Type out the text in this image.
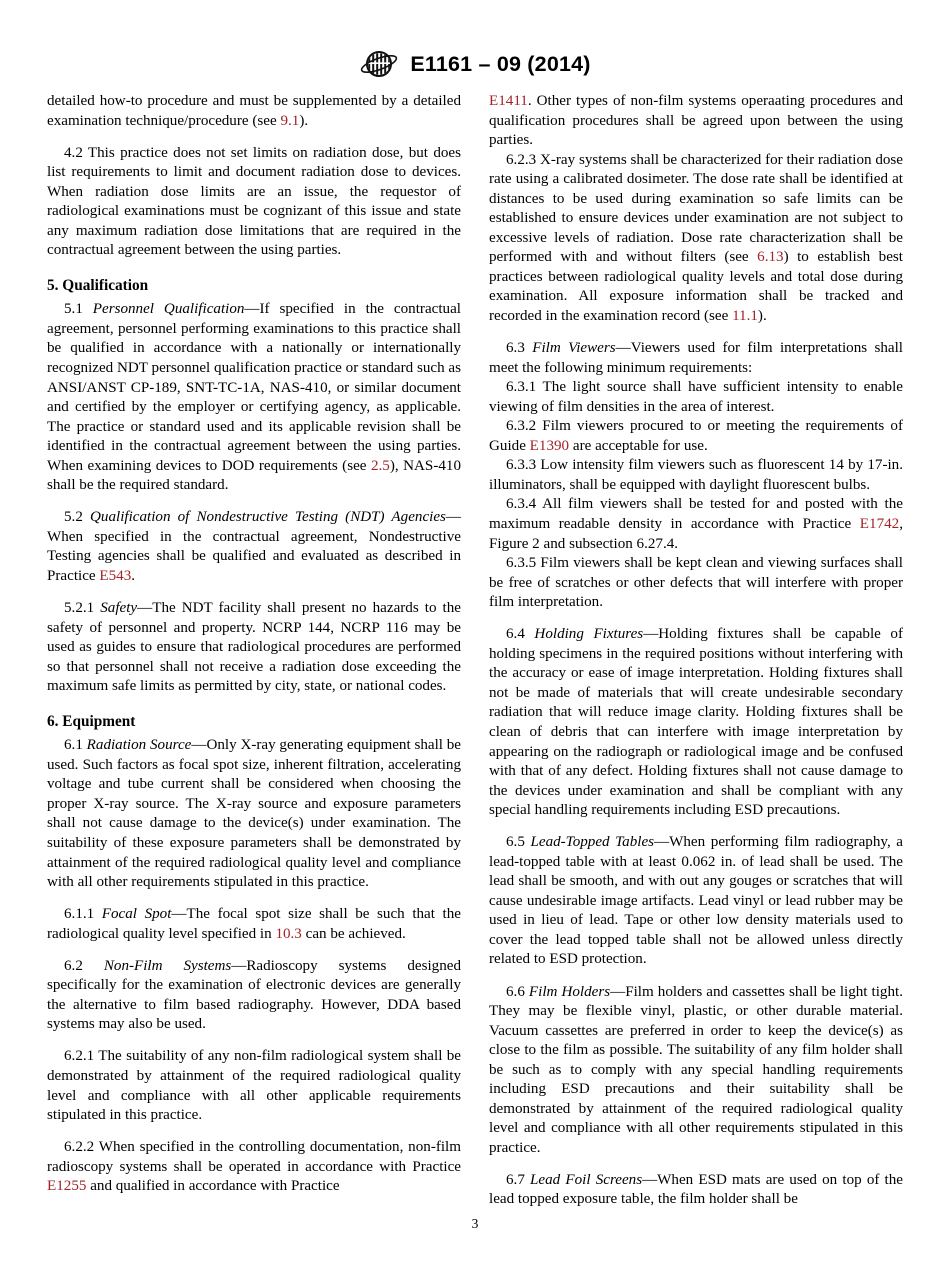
E1161 – 09 (2014)

detailed how-to procedure and must be supplemented by a detailed examination technique/procedure (see 9.1).

4.2 This practice does not set limits on radiation dose, but does list requirements to limit and document radiation dose to devices. When radiation dose limits are an issue, the requestor of radiological examinations must be cognizant of this issue and state any maximum radiation dose limitations that are required in the contractual agreement between the using parties.

5. Qualification

5.1 Personnel Qualification—If specified in the contractual agreement, personnel performing examinations to this practice shall be qualified in accordance with a nationally or internationally recognized NDT personnel qualification practice or standard such as ANSI/ANST CP-189, SNT-TC-1A, NAS-410, or similar document and certified by the employer or certifying agency, as applicable. The practice or standard used and its applicable revision shall be identified in the contractual agreement between the using parties. When examining devices to DOD requirements (see 2.5), NAS-410 shall be the required standard.

5.2 Qualification of Nondestructive Testing (NDT) Agencies—When specified in the contractual agreement, Nondestructive Testing agencies shall be qualified and evaluated as described in Practice E543.

5.2.1 Safety—The NDT facility shall present no hazards to the safety of personnel and property. NCRP 144, NCRP 116 may be used as guides to ensure that radiological procedures are performed so that personnel shall not receive a radiation dose exceeding the maximum safe limits as permitted by city, state, or national codes.

6. Equipment

6.1 Radiation Source—Only X-ray generating equipment shall be used. Such factors as focal spot size, inherent filtration, accelerating voltage and tube current shall be considered when choosing the proper X-ray source. The X-ray source and exposure parameters shall not cause damage to the device(s) under examination. The suitability of these exposure parameters shall be demonstrated by attainment of the required radiological quality level and compliance with all other requirements stipulated in this practice.

6.1.1 Focal Spot—The focal spot size shall be such that the radiological quality level specified in 10.3 can be achieved.

6.2 Non-Film Systems—Radioscopy systems designed specifically for the examination of electronic devices are generally the alternative to film based radiography. However, DDA based systems may also be used.

6.2.1 The suitability of any non-film radiological system shall be demonstrated by attainment of the required radiological quality level and compliance with all other applicable requirements stipulated in this practice.

6.2.2 When specified in the controlling documentation, non-film radioscopy systems shall be operated in accordance with Practice E1255 and qualified in accordance with Practice

E1411. Other types of non-film systems operaating procedures and qualification procedures shall be agreed upon between the using parties.

6.2.3 X-ray systems shall be characterized for their radiation dose rate using a calibrated dosimeter. The dose rate shall be identified at distances to be used during examination so safe limits can be established to ensure devices under examination are not subject to excessive levels of radiation. Dose rate characterization shall be performed with and without filters (see 6.13) to establish best practices between radiological quality levels and total dose during examination. All exposure information shall be tracked and recorded in the examination record (see 11.1).

6.3 Film Viewers—Viewers used for film interpretations shall meet the following minimum requirements:

6.3.1 The light source shall have sufficient intensity to enable viewing of film densities in the area of interest.

6.3.2 Film viewers procured to or meeting the requirements of Guide E1390 are acceptable for use.

6.3.3 Low intensity film viewers such as fluorescent 14 by 17-in. illuminators, shall be equipped with daylight fluorescent bulbs.

6.3.4 All film viewers shall be tested for and posted with the maximum readable density in accordance with Practice E1742, Figure 2 and subsection 6.27.4.

6.3.5 Film viewers shall be kept clean and viewing surfaces shall be free of scratches or other defects that will interfere with proper film interpretation.

6.4 Holding Fixtures—Holding fixtures shall be capable of holding specimens in the required positions without interfering with the accuracy or ease of image interpretation. Holding fixtures shall not be made of materials that will create undesirable secondary radiation that will reduce image clarity. Holding fixtures shall be clean of debris that can interfere with image interpretation by appearing on the radiograph or radiological image and be confused with that of any defect. Holding fixtures shall not cause damage to the devices under examination and shall be compliant with any special handling requirements including ESD precautions.

6.5 Lead-Topped Tables—When performing film radiography, a lead-topped table with at least 0.062 in. of lead shall be used. The lead shall be smooth, and with out any gouges or scratches that will cause undesirable image artifacts. Lead vinyl or lead rubber may be used in lieu of lead. Tape or other low density materials used to cover the lead topped table shall not be allowed unless directly related to ESD protection.

6.6 Film Holders—Film holders and cassettes shall be light tight. They may be flexible vinyl, plastic, or other durable material. Vacuum cassettes are preferred in order to keep the device(s) as close to the film as possible. The suitability of any film holder shall be such as to comply with any special handling requirements including ESD precautions and their suitability shall be demonstrated by attainment of the required radiological quality level and compliance with all other requirements stipulated in this practice.

6.7 Lead Foil Screens—When ESD mats are used on top of the lead topped exposure table, the film holder shall be

3
